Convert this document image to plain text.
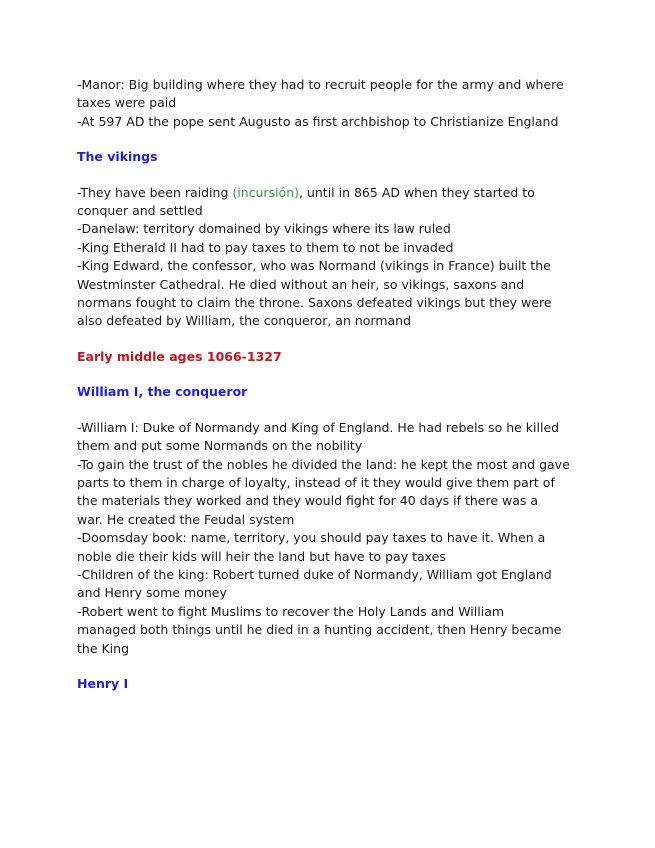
-Manor: Big building where they had to recruit people for the army and where
taxes were paid
-At 597 AD the pope sent Augusto as first archbishop to Christianize England

The vikings

-They have been raiding (incursión), until in 865 AD when they started to
conquer and settled
-Danelaw: territory domained by vikings where its law ruled
-King Etherald II had to pay taxes to them to not be invaded
-King Edward, the confessor, who was Normand (vikings in France) built the
Westminster Cathedral. He died without an heir, so vikings, saxons and
normans fought to claim the throne. Saxons defeated vikings but they were
also defeated by William, the conqueror, an normand

Early middle ages 1066-1327

William I, the conqueror

-William I: Duke of Normandy and King of England. He had rebels so he killed
them and put some Normands on the nobility
-To gain the trust of the nobles he divided the land: he kept the most and gave
parts to them in charge of loyalty, instead of it they would give them part of
the materials they worked and they would fight for 40 days if there was a
war. He created the Feudal system
-Doomsday book: name, territory, you should pay taxes to have it. When a
noble die their kids will heir the land but have to pay taxes
-Children of the king: Robert turned duke of Normandy, William got England
and Henry some money
-Robert went to fight Muslims to recover the Holy Lands and William
managed both things until he died in a hunting accident, then Henry became
the King

Henry I
